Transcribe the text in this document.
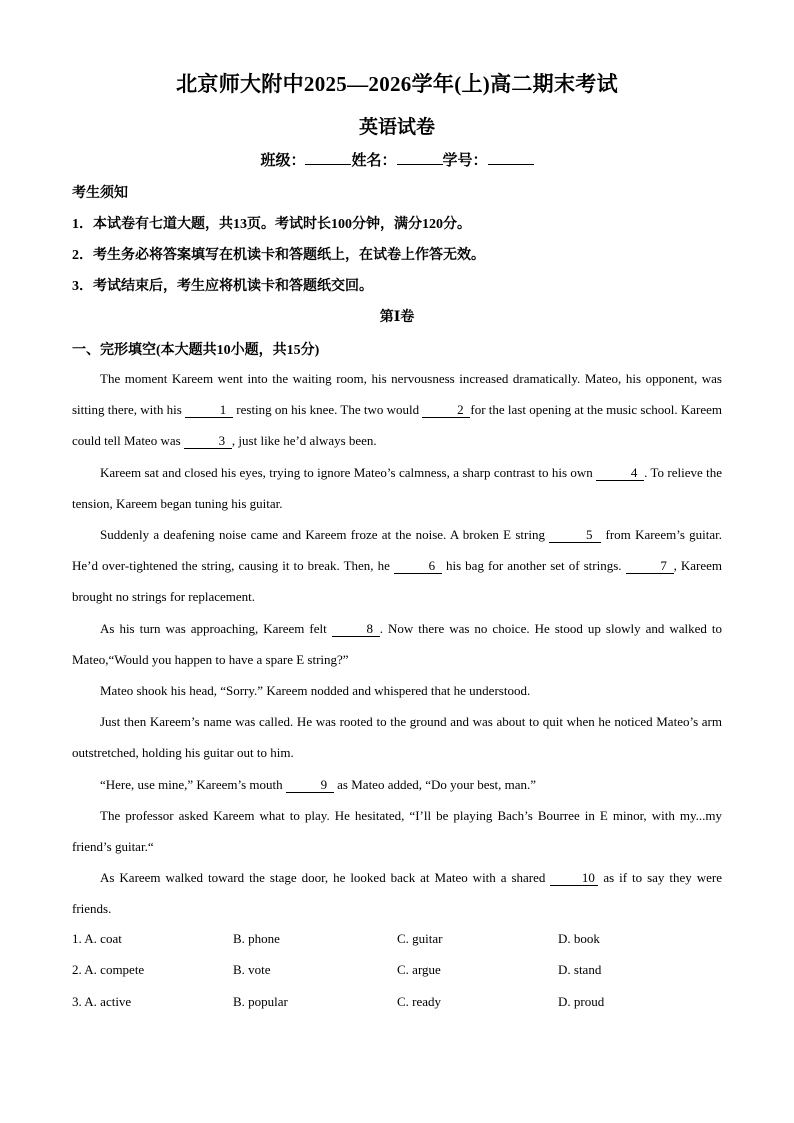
北京师大附中2025—2026学年(上)高二期末考试
英语试卷
班级：	姓名：	学号：
考生须知
1．本试卷有七道大题，共13页。考试时长100分钟，满分120分。
2．考生务必将答案填写在机读卡和答题纸上，在试卷上作答无效。
3．考试结束后，考生应将机读卡和答题纸交回。
第Ⅰ卷
一、完形填空(本大题共10小题，共15分)

The moment Kareem went into the waiting room, his nervousness increased dramatically. Mateo, his opponent, was sitting there, with his	1 resting on his knee. The two would	2 for the last opening at the music school. Kareem could tell Mateo was	3 , just like he’d always been.

Kareem sat and closed his eyes, trying to ignore Mateo’s calmness, a sharp contrast to his own	4 . To relieve the tension, Kareem began tuning his guitar.

Suddenly a deafening noise came and Kareem froze at the noise. A broken E string	5 from Kareem’s guitar. He’d over-tightened the string, causing it to break. Then, he	6 his bag for another set of strings.	7 , Kareem brought no strings for replacement.

As his turn was approaching, Kareem felt	8 . Now there was no choice. He stood up slowly and walked to Mateo,“Would you happen to have a spare E string?”

Mateo shook his head, “Sorry.” Kareem nodded and whispered that he understood.

Just then Kareem’s name was called. He was rooted to the ground and was about to quit when he noticed Mateo’s arm outstretched, holding his guitar out to him.

“Here, use mine,” Kareem’s mouth	9 as Mateo added, “Do your best, man.”

The professor asked Kareem what to play. He hesitated, “I’ll be playing Bach’s Bourree in E minor, with my...my friend’s guitar.“

As Kareem walked toward the stage door, he looked back at Mateo with a shared 10 as if to say they were friends.

1. A. coat	B. phone	C. guitar	D. book
2. A. compete	B. vote	C. argue	D. stand
3. A. active	B. popular	C. ready	D. proud
